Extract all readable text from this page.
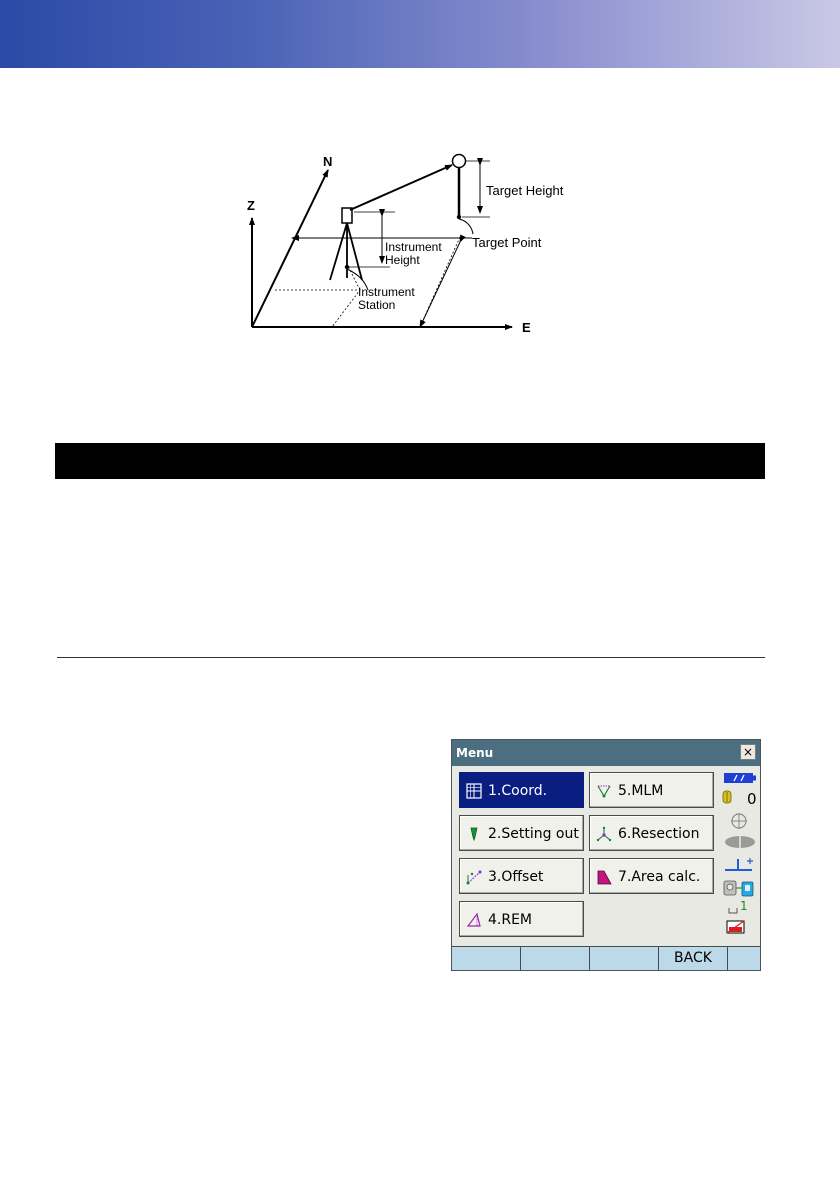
N
Z
E
Instrument
Height
Instrument
Station
Target Height
Target Point
Menu	×
1.Coord.
2.Setting out
3.Offset
4.REM
5.MLM
6.Resection
7.Area calc.
0
1
BACK
